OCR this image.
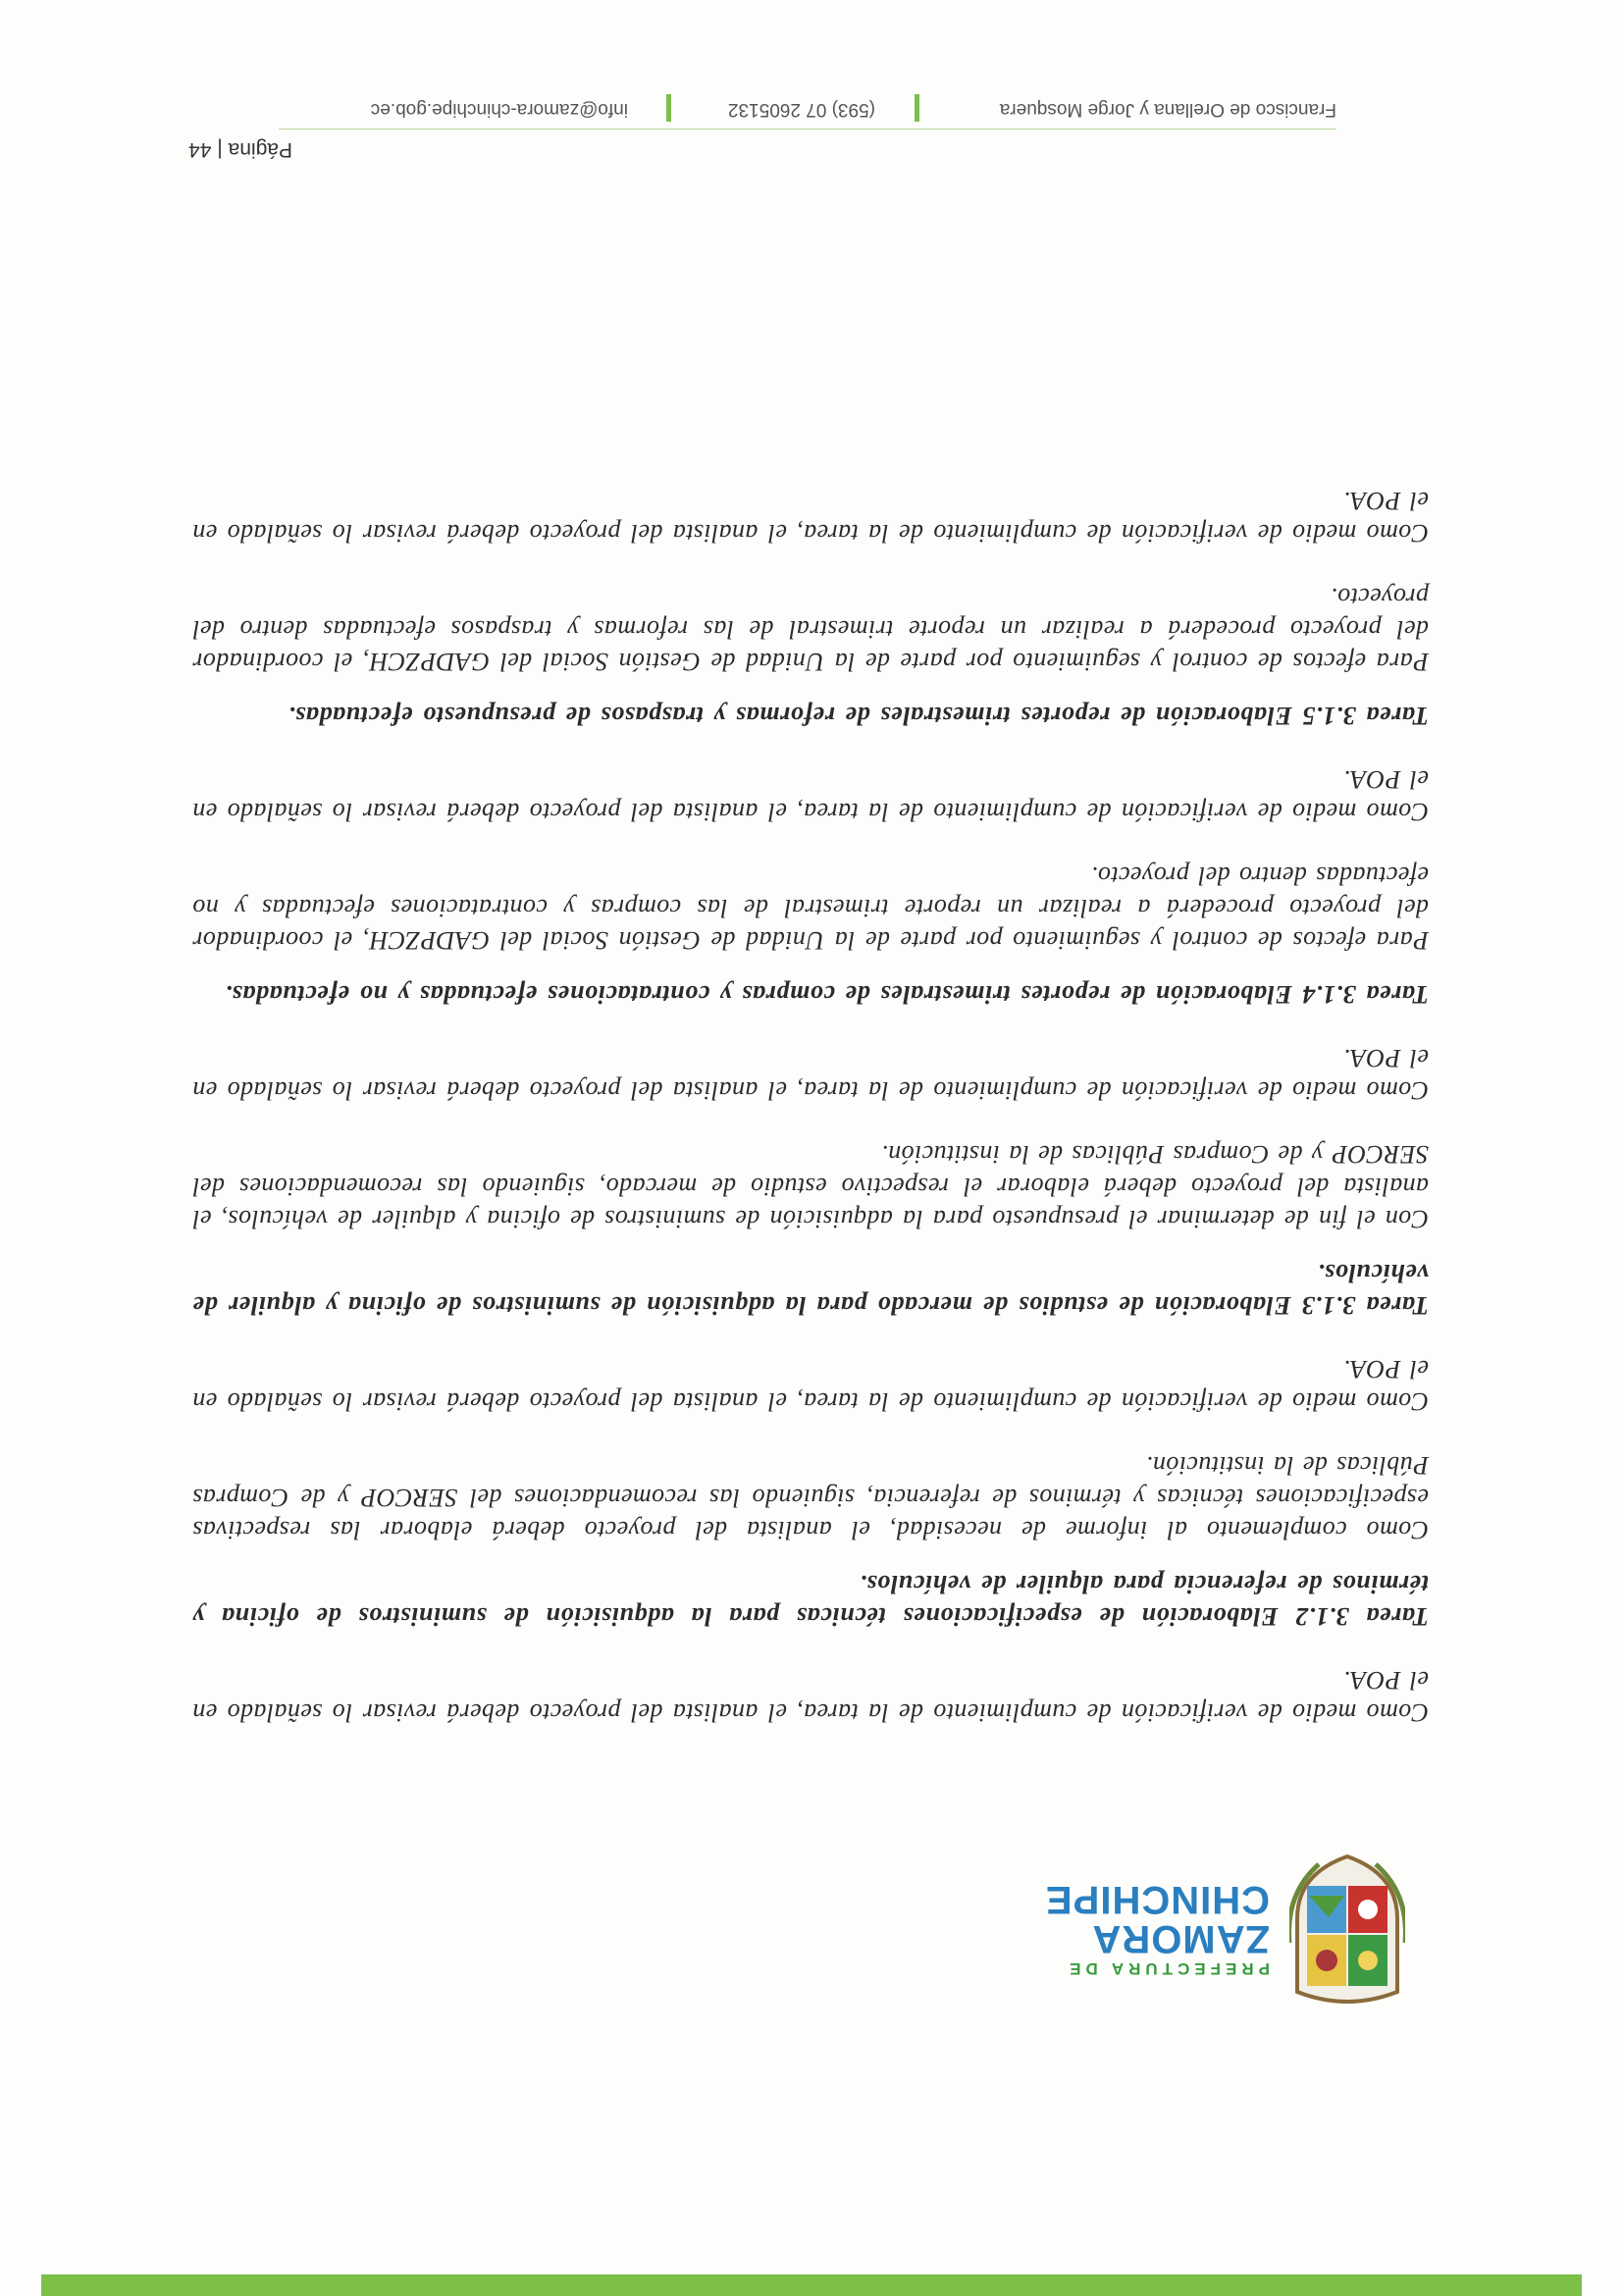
PREFECTURA DE
ZAMORA
CHINCHIPE

Como medio de verificación de cumplimiento de la tarea, el analista del proyecto deberá revisar lo señalado en el POA.

Tarea 3.1.2 Elaboración de especificaciones técnicas para la adquisición de suministros de oficina y términos de referencia para alquiler de vehículos.

Como complemento al informe de necesidad, el analista del proyecto deberá elaborar las respectivas especificaciones técnicas y términos de referencia, siguiendo las recomendaciones del SERCOP y de Compras Públicas de la institución.

Como medio de verificación de cumplimiento de la tarea, el analista del proyecto deberá revisar lo señalado en el POA.

Tarea 3.1.3 Elaboración de estudios de mercado para la adquisición de suministros de oficina y alquiler de vehículos.

Con el fin de determinar el presupuesto para la adquisición de suministros de oficina y alquiler de vehículos, el analista del proyecto deberá elaborar el respectivo estudio de mercado, siguiendo las recomendaciones del SERCOP y de Compras Públicas de la institución.

Como medio de verificación de cumplimiento de la tarea, el analista del proyecto deberá revisar lo señalado en el POA.

Tarea 3.1.4 Elaboración de reportes trimestrales de compras y contrataciones efectuadas y no efectuadas.

Para efectos de control y seguimiento por parte de la Unidad de Gestión Social del GADPZCH, el coordinador del proyecto procederá a realizar un reporte trimestral de las compras y contrataciones efectuadas y no efectuadas dentro del proyecto.

Como medio de verificación de cumplimiento de la tarea, el analista del proyecto deberá revisar lo señalado en el POA.

Tarea 3.1.5 Elaboración de reportes trimestrales de reformas y traspasos de presupuesto efectuadas.

Para efectos de control y seguimiento por parte de la Unidad de Gestión Social del GADPZCH, el coordinador del proyecto procederá a realizar un reporte trimestral de las reformas y traspasos efectuadas dentro del proyecto.

Como medio de verificación de cumplimiento de la tarea, el analista del proyecto deberá revisar lo señalado en el POA.

Página | 44
Francisco de Orellana y Jorge Mosquera
(593) 07 2605132
info@zamora-chinchipe.gob.ec
